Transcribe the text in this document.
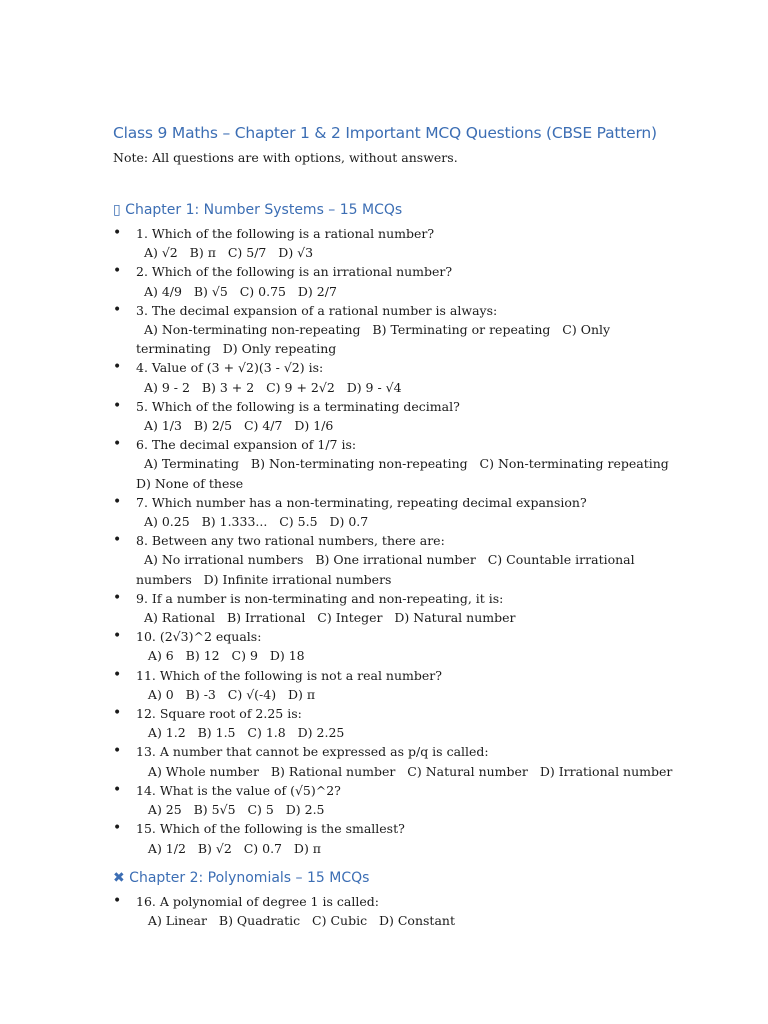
Class 9 Maths – Chapter 1 & 2 Important MCQ Questions (CBSE Pattern)
Note: All questions are with options, without answers.
▯ Chapter 1: Number Systems – 15 MCQs
•	1. Which of the following is a rational number?
A) √2   B) π   C) 5/7   D) √3
•	2. Which of the following is an irrational number?
A) 4/9   B) √5   C) 0.75   D) 2/7
•	3. The decimal expansion of a rational number is always:
A) Non-terminating non-repeating   B) Terminating or repeating   C) Only terminating   D) Only repeating
•	4. Value of (3 + √2)(3 - √2) is:
A) 9 - 2   B) 3 + 2   C) 9 + 2√2   D) 9 - √4
•	5. Which of the following is a terminating decimal?
A) 1/3   B) 2/5   C) 4/7   D) 1/6
•	6. The decimal expansion of 1/7 is:
A) Terminating   B) Non-terminating non-repeating   C) Non-terminating repeating   D) None of these
•	7. Which number has a non-terminating, repeating decimal expansion?
A) 0.25   B) 1.333...   C) 5.5   D) 0.7
•	8. Between any two rational numbers, there are:
A) No irrational numbers   B) One irrational number   C) Countable irrational numbers   D) Infinite irrational numbers
•	9. If a number is non-terminating and non-repeating, it is:
A) Rational   B) Irrational   C) Integer   D) Natural number
•	10. (2√3)^2 equals:
A) 6   B) 12   C) 9   D) 18
•	11. Which of the following is not a real number?
A) 0   B) -3   C) √(-4)   D) π
•	12. Square root of 2.25 is:
A) 1.2   B) 1.5   C) 1.8   D) 2.25
•	13. A number that cannot be expressed as p/q is called:
A) Whole number   B) Rational number   C) Natural number   D) Irrational number
•	14. What is the value of (√5)^2?
A) 25   B) 5√5   C) 5   D) 2.5
•	15. Which of the following is the smallest?
A) 1/2   B) √2   C) 0.7   D) π
✖ Chapter 2: Polynomials – 15 MCQs
•	16. A polynomial of degree 1 is called:
A) Linear   B) Quadratic   C) Cubic   D) Constant
